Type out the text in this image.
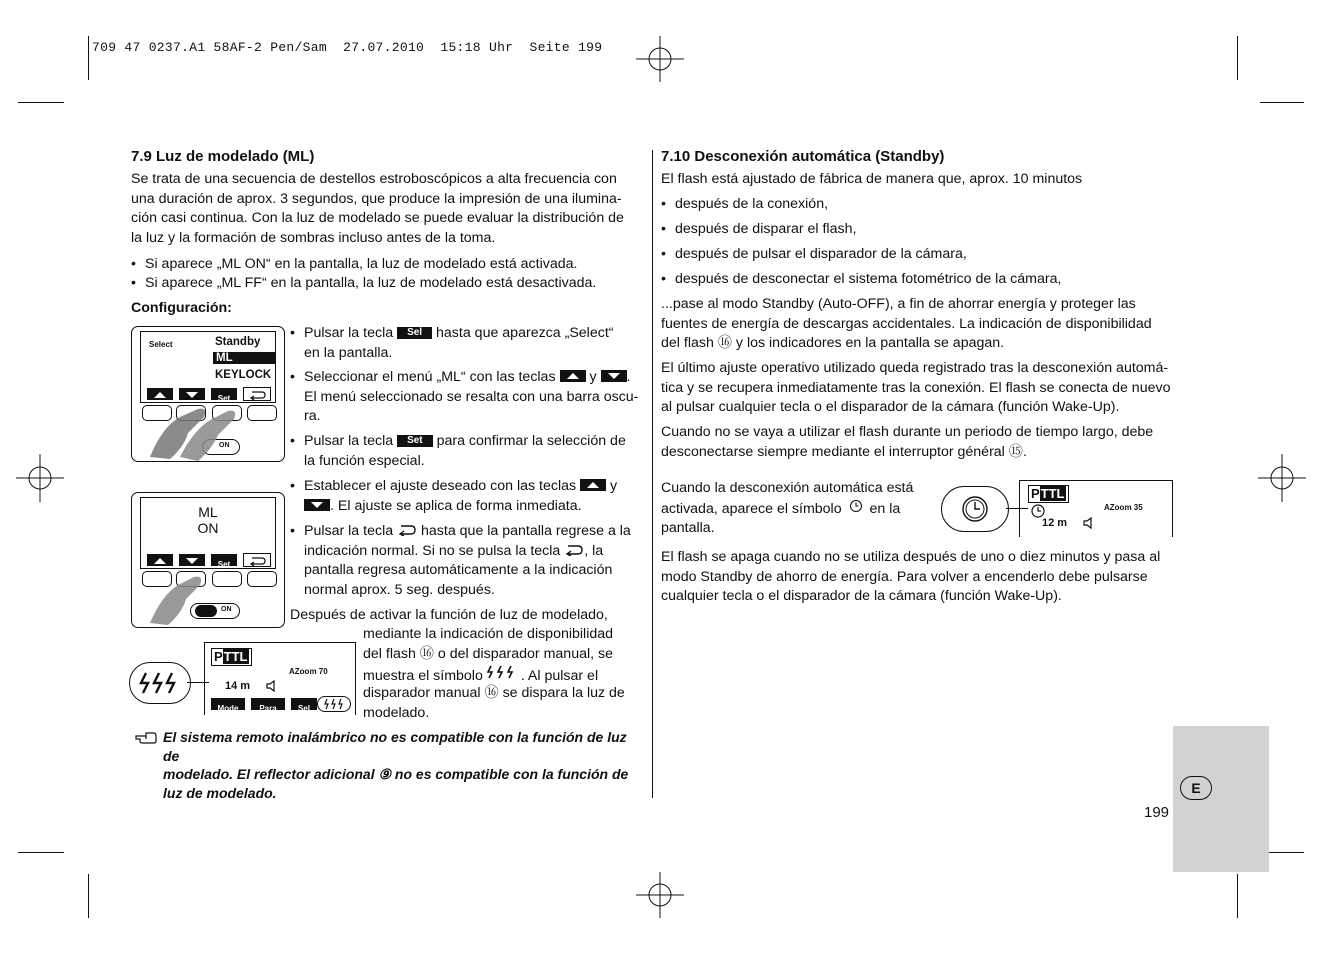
709 47 0237.A1 58AF-2 Pen/Sam  27.07.2010  15:18 Uhr  Seite 199
7.9 Luz de modelado (ML)
Se trata de una secuencia de destellos estroboscópicos a alta frecuencia con
una duración de aprox. 3 segundos, que produce la impresión de una ilumina-
ción casi continua. Con la luz de modelado se puede evaluar la distribución de
la luz y la formación de sombras incluso antes de la toma.
• Si aparece „ML ON“ en la pantalla, la luz de modelado está activada.
• Si aparece „ML FF“ en la pantalla, la luz de modelado está desactivada.
Configuración:
Select	Standby
ML
KEYLOCK
Set
ON
ML
ON
Set
ON
• Pulsar la tecla Sel hasta que aparezca „Select“
en la pantalla.
• Seleccionar el menú „ML“ con las teclas y .
El menú seleccionado se resalta con una barra oscu-
ra.
• Pulsar la tecla Set para confirmar la selección de
la función especial.
• Establecer el ajuste deseado con las teclas y

. El ajuste se aplica de forma inmediata.
• Pulsar la tecla hasta que la pantalla regrese a la
indicación normal. Si no se pulsa la tecla , la
pantalla regresa automáticamente a la indicación
normal aprox. 5 seg. después.
Después de activar la función de luz de modelado,
mediante la indicación de disponibilidad
del flash ⑯ o del disparador manual, se
muestra el símbolo	. Al pulsar el
disparador manual ⑯ se dispara la luz de
modelado.
PTTL
AZoom 70
14 m
Mode	Para	Sel
El sistema remoto inalámbrico no es compatible con la función de luz de
modelado. El reflector adicional ⑨ no es compatible con la función de
luz de modelado.
7.10 Desconexión automática (Standby)
El flash está ajustado de fábrica de manera que, aprox. 10 minutos
• después de la conexión,
• después de disparar el flash,
• después de pulsar el disparador de la cámara,
• después de desconectar el sistema fotométrico de la cámara,
...pase al modo Standby (Auto-OFF), a fin de ahorrar energía y proteger las
fuentes de energía de descargas accidentales. La indicación de disponibilidad
del flash ⑯ y los indicadores en la pantalla se apagan.
El último ajuste operativo utilizado queda registrado tras la desconexión automá-
tica y se recupera inmediatamente tras la conexión. El flash se conecta de nuevo
al pulsar cualquier tecla o el disparador de la cámara (función Wake-Up).
Cuando no se vaya a utilizar el flash durante un periodo de tiempo largo, debe
desconectarse siempre mediante el interruptor général ⑮.
Cuando la desconexión automática está
activada, aparece el símbolo en la
pantalla.
PTTL
AZoom 35
12 m
El flash se apaga cuando no se utiliza después de uno o diez minutos y pasa al
modo Standby de ahorro de energía. Para volver a encenderlo debe pulsarse
cualquier tecla o el disparador de la cámara (función Wake-Up).
E
199
